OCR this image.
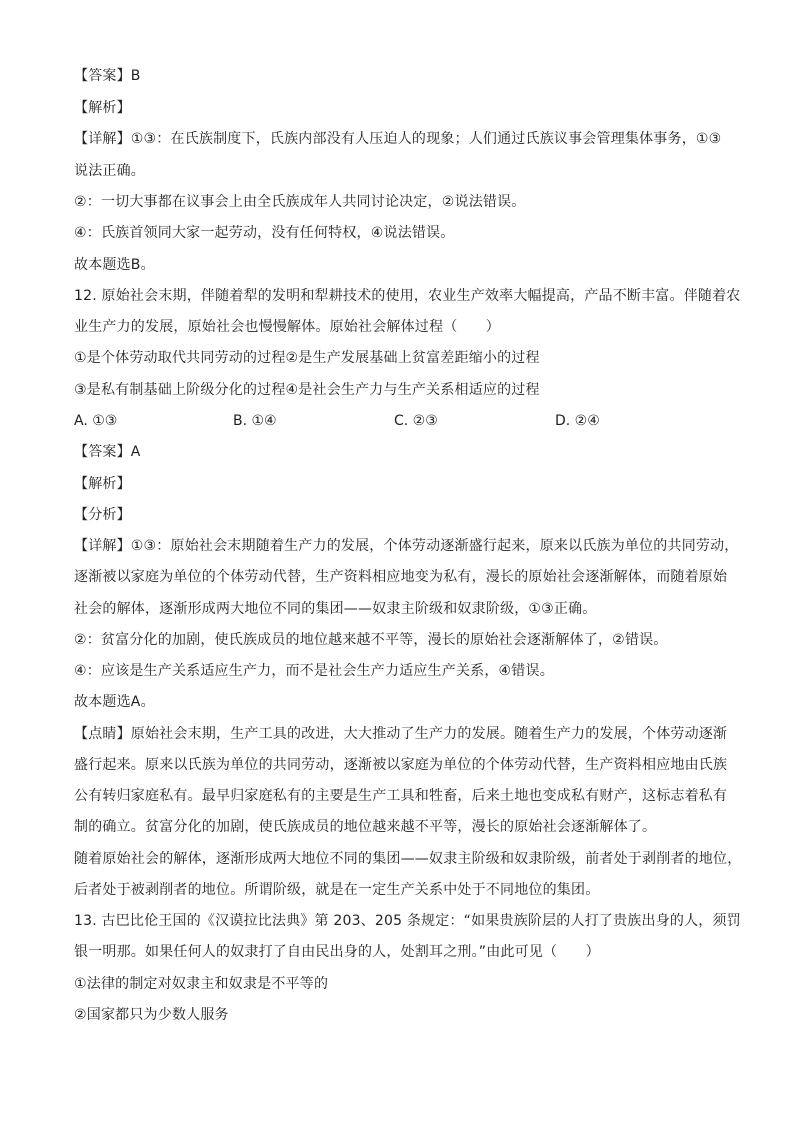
【答案】B
【解析】
【详解】①③：在氏族制度下，氏族内部没有人压迫人的现象；人们通过氏族议事会管理集体事务，①③
说法正确。
②：一切大事都在议事会上由全氏族成年人共同讨论决定，②说法错误。
④：氏族首领同大家一起劳动，没有任何特权，④说法错误。
故本题选B。
12. 原始社会末期，伴随着犁的发明和犁耕技术的使用，农业生产效率大幅提高，产品不断丰富。伴随着农
业生产力的发展，原始社会也慢慢解体。原始社会解体过程（　　）
①是个体劳动取代共同劳动的过程②是生产发展基础上贫富差距缩小的过程
③是私有制基础上阶级分化的过程④是社会生产力与生产关系相适应的过程
A. ①③	B. ①④	C. ②③	D. ②④
【答案】A
【解析】
【分析】
【详解】①③：原始社会末期随着生产力的发展，个体劳动逐渐盛行起来，原来以氏族为单位的共同劳动，
逐渐被以家庭为单位的个体劳动代替，生产资料相应地变为私有，漫长的原始社会逐渐解体，而随着原始
社会的解体，逐渐形成两大地位不同的集团——奴隶主阶级和奴隶阶级，①③正确。
②：贫富分化的加剧，使氏族成员的地位越来越不平等，漫长的原始社会逐渐解体了，②错误。
④：应该是生产关系适应生产力，而不是社会生产力适应生产关系，④错误。
故本题选A。
【点睛】原始社会末期，生产工具的改进，大大推动了生产力的发展。随着生产力的发展，个体劳动逐渐
盛行起来。原来以氏族为单位的共同劳动，逐渐被以家庭为单位的个体劳动代替，生产资料相应地由氏族
公有转归家庭私有。最早归家庭私有的主要是生产工具和牲畜，后来土地也变成私有财产，这标志着私有
制的确立。贫富分化的加剧，使氏族成员的地位越来越不平等，漫长的原始社会逐渐解体了。
随着原始社会的解体，逐渐形成两大地位不同的集团——奴隶主阶级和奴隶阶级，前者处于剥削者的地位，
后者处于被剥削者的地位。所谓阶级，就是在一定生产关系中处于不同地位的集团。
13. 古巴比伦王国的《汉谟拉比法典》第 203、205 条规定：“如果贵族阶层的人打了贵族出身的人，须罚
银一明那。如果任何人的奴隶打了自由民出身的人，处割耳之刑。”由此可见（　　）
①法律的制定对奴隶主和奴隶是不平等的
②国家都只为少数人服务
